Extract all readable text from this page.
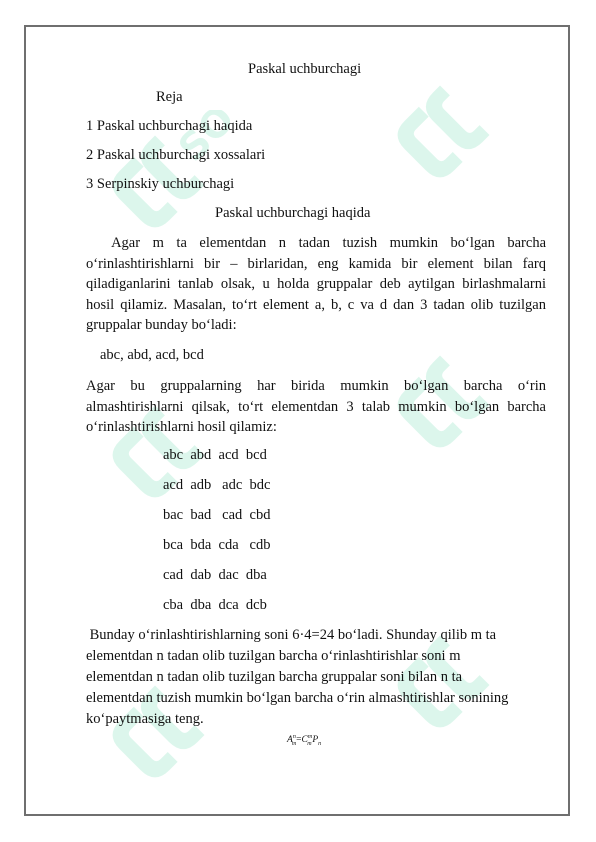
SOFF
Paskal uchburchagi
Reja
1 Paskal uchburchagi haqida
2 Paskal uchburchagi xossalari
3 Serpinskiy uchburchagi
Paskal uchburchagi haqida
Agar m ta elementdan n tadan tuzish mumkin bo‘lgan barcha o‘rinlashtirishlarni bir – birlaridan, eng kamida bir element bilan farq qiladiganlarini tanlab olsak, u holda gruppalar deb aytilgan birlashmalarni hosil qilamiz. Masalan, to‘rt element a, b, c va d dan 3 tadan olib tuzilgan gruppalar bunday bo‘ladi:
abc, abd, acd, bcd
Agar bu gruppalarning har birida mumkin bo‘lgan barcha o‘rin almashtirishlarni qilsak, to‘rt elementdan 3 talab mumkin bo‘lgan barcha o‘rinlashtirishlarni hosil qilamiz:
abc  abd  acd  bcd
acd  adb   adc  bdc
bac  bad   cad  cbd
bca  bda  cda   cdb
cad  dab  dac  dba
cba  dba  dca  dcb
Bunday o‘rinlashtirishlarning soni 6·4=24 bo‘ladi. Shunday qilib m ta
elementdan n tadan olib tuzilgan barcha o‘rinlashtirishlar soni m
elementdan n tadan olib tuzilgan barcha gruppalar soni bilan n ta
elementdan tuzish mumkin bo‘lgan barcha o‘rin almashtirishlar sonining
ko‘paytmasiga teng.
$A^n_m=C^m_m$ $P_n$
